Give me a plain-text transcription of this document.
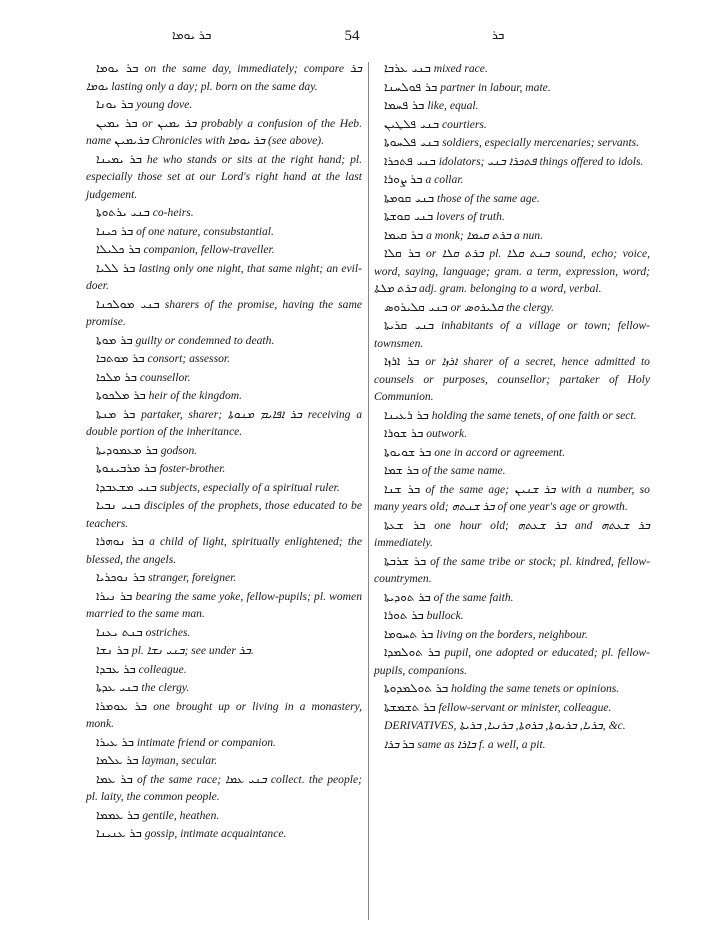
ܒܪ ܝܘܡܐ	54	ܒܪ

ܒܪ ܝܘܡܐ on the same day, immediately; compare ܒܪ ܝܘܡܐ lasting only a day; pl. born on the same day.

ܒܪ ܝܘܢܐ young dove.

ܒܪ ܝܡܝܢ or ܒܪ ܝܡܝܢ probably a confusion of the Heb. name ܒܪܝܡܝܢ Chronicles with ܒܪ ܝܘܡܐ (see above).

ܒܪ ܝܡܝܢܐ he who stands or sits at the right hand; pl. especially those set at our Lord's right hand at the last judgement.

ܒܢܝ ܝܪܬܘܬܐ co-heirs.

ܒܪ ܟܝܢܐ of one nature, consubstantial.

ܒܪ ܟܠܝܠܐ companion, fellow-traveller.

ܒܪ ܠܠܝܐ lasting only one night, that same night; an evil-doer.

ܒܢܝ ܡܘܠܟܢܐ sharers of the promise, having the same promise.

ܒܪ ܡܘܬܐ guilty or condemned to death.

ܒܪ ܡܘܬܒܐ consort; assessor.

ܒܪ ܡܠܟܐ counsellor.

ܒܪ ܡܠܟܘܬܐ heir of the kingdom.

ܒܪ ܡܢܬܐ partaker, sharer; ܒܪ ܐܦܐܝܡ ܡܢܘܬܐ receiving a double portion of the inheritance.

ܒܪ ܡܥܡܘܕܝܬܐ godson.

ܒܪ ܡܪܒܝܢܘܬܐ foster-brother.

ܒܢܝ ܡܫܥܒܕܐ subjects, especially of a spiritual ruler.

ܒܢܝ ܢܒܝܐ disciples of the prophets, those educated to be teachers.

ܒܪ ܢܘܗܪܐ a child of light, spiritually enlightened; the blessed, the angels.

ܒܪ ܢܘܟܪܝܐ stranger, foreigner.

ܒܪ ܢܝܪܐ bearing the same yoke, fellow-pupils; pl. women married to the same man.

ܒܢܬ ܝܥܢܐ ostriches.

ܒܪ ܢܫܐ pl. ܒܢܝ ܢܫܐ; see under ܒܪ.

ܒܪ ܥܒܕܐ colleague.

ܒܢܝ ܥܕܬܐ the clergy.

ܒܪ ܥܘܡܪܐ one brought up or living in a monastery, monk.

ܒܪ ܥܝܪܐ intimate friend or companion.

ܒܪ ܥܠܡܐ layman, secular.

ܒܪ ܥܡܐ of the same race; ܒܢܝ ܥܡܐ collect. the people; pl. laity, the common people.

ܒܪ ܥܡܡܐ gentile, heathen.

ܒܪ ܥܢܝܢܐ gossip, intimate acquaintance.

ܒܢܝ ܥܪܒܐ mixed race.

ܒܪ ܦܘܠܚܢܐ partner in labour, mate.

ܒܪ ܦܚܡܐ like, equal.

ܒܢܝ ܦܠܛܝܢ courtiers.

ܒܢܝ ܦܠܚܘܬܐ soldiers, especially mercenaries; servants.

ܒܢܝ ܦܬܟܪܐ idolators; ܦܬܟܪܐ ܒܢܝ things offered to idols.

ܒܪ ܨܘܪܐ a collar.

ܒܢܝ ܩܘܡܬܐ those of the same age.

ܒܢܝ ܩܘܫܬܐ lovers of truth.

ܒܪ ܩܝܡܐ a monk; ܒܪܬ ܩܝܡܐ a nun.

ܒܪ ܩܠܐ or ܒܪܬ ܩܠܐ pl. ܒܢܬ ܩܠܐ sound, echo; voice, word, saying, language; gram. a term, expression, word; ܒܪܬ ܡܠܬܐ adj. gram. belonging to a word, verbal.

ܒܢܝ ܩܠܝܪܘܣ or ܩܠܝܪܘܣ the clergy.

ܒܢܝ ܩܪܝܬܐ inhabitants of a village or town; fellow-townsmen.

ܒܪ ܐܪܙܐ or ܐܪܙܐ sharer of a secret, hence admitted to counsels or purposes, counsellor; partaker of Holy Communion.

ܒܪ ܪܥܝܢܐ holding the same tenets, of one faith or sect.

ܒܪ ܫܘܪܐ outwork.

ܒܪ ܫܘܝܘܬܐ one in accord or agreement.

ܒܪ ܫܡܐ of the same name.

ܒܪ ܫܢܐ of the same age; ܒܪ ܫܢܝܢ with a number, so many years old; ܒܪ ܫܢܬܗ of one year's age or growth.

ܒܪ ܫܥܬܐ one hour old; ܒܪ ܫܥܬܗ and ܒܪ ܫܥܬܗ immediately.

ܒܪ ܫܪܒܬܐ of the same tribe or stock; pl. kindred, fellow-countrymen.

ܒܪ ܬܘܕܝܬܐ of the same faith.

ܒܪ ܬܘܪܐ bullock.

ܒܪ ܬܚܘܡܐ living on the borders, neighbour.

ܒܪ ܬܘܠܡܕܐ pupil, one adopted or educated; pl. fellow-pupils, companions.

ܒܪ ܬܘܠܡܕܘܬܐ holding the same tenets or opinions.

ܒܪ ܬܫܡܫܬܐ fellow-servant or minister, colleague.

DERIVATIVES, ܒܪܝܐ, ܒܪܝܘܬܐ, ܒܪܘܬܐ, ܒܪܢܝܐ, ܒܪܝܬܐ, &c.

ܒܪ ܒܪܐ same as ܒܐܪܐ f. a well, a pit.
